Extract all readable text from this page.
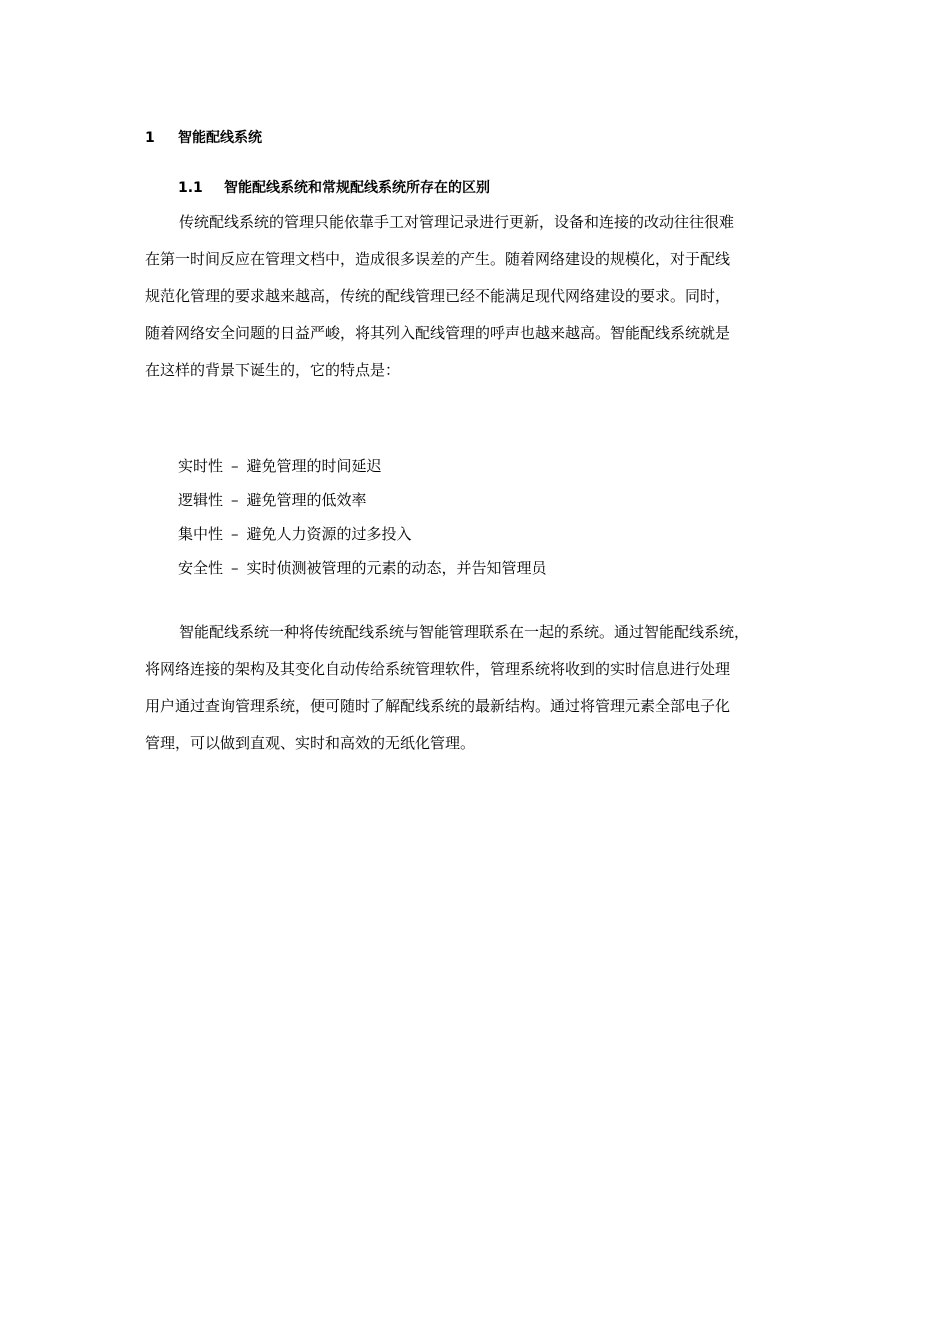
1 智能配线系统
1.1 智能配线系统和常规配线系统所存在的区别
传统配线系统的管理只能依靠手工对管理记录进行更新，设备和连接的改动往往很难
在第一时间反应在管理文档中，造成很多误差的产生。随着网络建设的规模化，对于配线
规范化管理的要求越来越高，传统的配线管理已经不能满足现代网络建设的要求。同时，
随着网络安全问题的日益严峻，将其列入配线管理的呼声也越来越高。智能配线系统就是
在这样的背景下诞生的，它的特点是：
实时性 – 避免管理的时间延迟
逻辑性 – 避免管理的低效率
集中性 – 避免人力资源的过多投入
安全性 – 实时侦测被管理的元素的动态，并告知管理员
智能配线系统一种将传统配线系统与智能管理联系在一起的系统。通过智能配线系统，
将网络连接的架构及其变化自动传给系统管理软件，管理系统将收到的实时信息进行处理
用户通过查询管理系统，便可随时了解配线系统的最新结构。通过将管理元素全部电子化
管理，可以做到直观、实时和高效的无纸化管理。
